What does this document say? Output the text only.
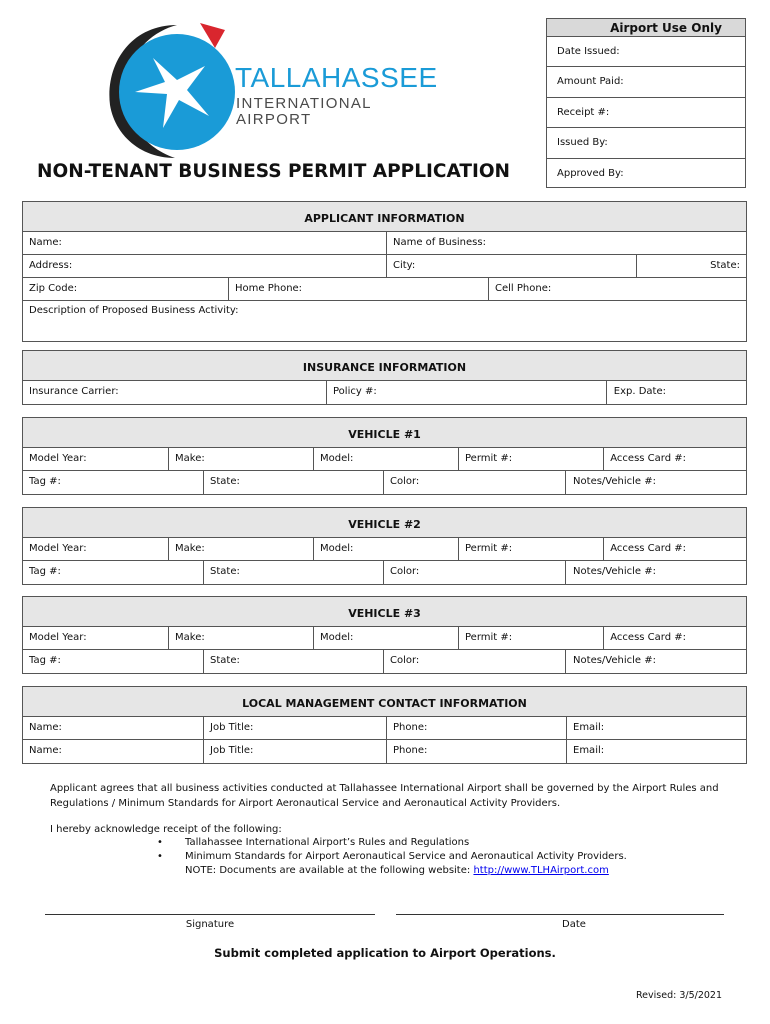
TALLAHASSEE
INTERNATIONAL AIRPORT
Airport Use Only
Date Issued:
Amount Paid:
Receipt #:
Issued By:
Approved By:
NON-TENANT BUSINESS PERMIT APPLICATION
APPLICANT INFORMATION
Name:	Name of Business:
Address:	City:	State:
Zip Code:	Home Phone:	Cell Phone:
Description of Proposed Business Activity:
INSURANCE INFORMATION
Insurance Carrier:	Policy #:	Exp. Date:
VEHICLE #1
Model Year:	Make:	Model:	Permit #:	Access Card #:
Tag #:	State:	Color:	Notes/Vehicle #:
VEHICLE #2
Model Year:	Make:	Model:	Permit #:	Access Card #:
Tag #:	State:	Color:	Notes/Vehicle #:
VEHICLE #3
Model Year:	Make:	Model:	Permit #:	Access Card #:
Tag #:	State:	Color:	Notes/Vehicle #:
LOCAL MANAGEMENT CONTACT INFORMATION
Name:	Job Title:	Phone:	Email:
Name:	Job Title:	Phone:	Email:
Applicant agrees that all business activities conducted at Tallahassee International Airport shall be governed by the Airport Rules and Regulations / Minimum Standards for Airport Aeronautical Service and Aeronautical Activity Providers.
I hereby acknowledge receipt of the following:
• Tallahassee International Airport’s Rules and Regulations
• Minimum Standards for Airport Aeronautical Service and Aeronautical Activity Providers.
NOTE: Documents are available at the following website: http://www.TLHAirport.com
Signature	Date
Submit completed application to Airport Operations.
Revised: 3/5/2021
